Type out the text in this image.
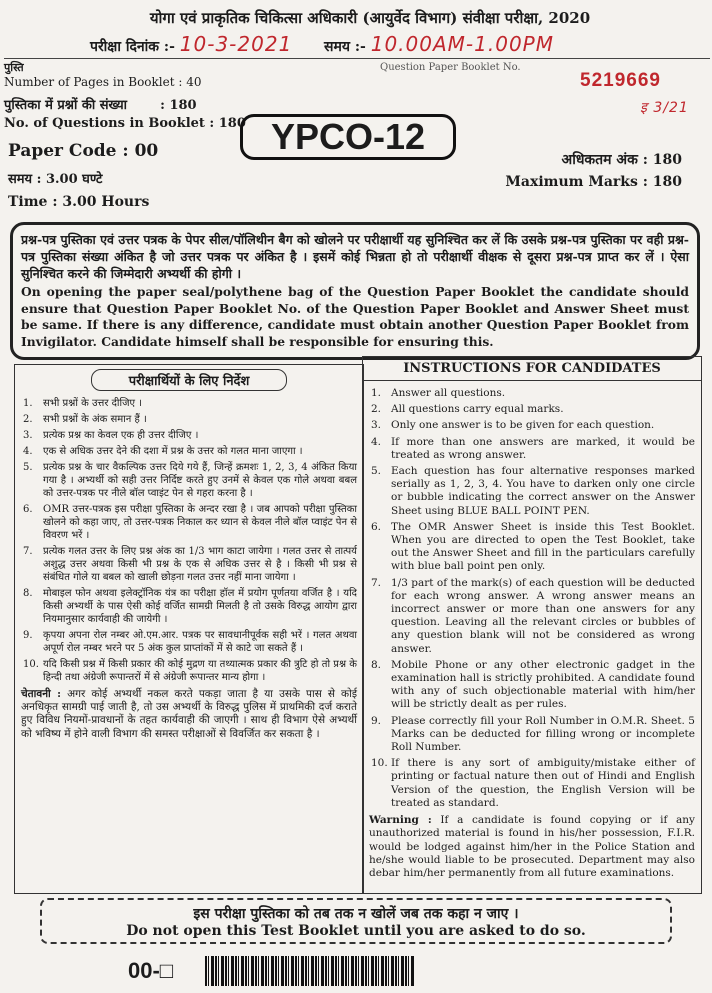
योगा एवं प्राकृतिक चिकित्सा अधिकारी (आयुर्वेद विभाग) संवीक्षा परीक्षा, 2020
परीक्षा दिनांक :- 10-3-2021 समय :- 10.00AM-1.00PM
पुस्ति
Number of Pages in Booklet : 40
Question Paper Booklet No.
5219669
इ 3/21
पुस्तिका में प्रश्नों की संख्या	: 180
No. of Questions in Booklet : 180
Paper Code : 00
समय : 3.00 घण्टे
Time : 3.00 Hours
YPCO-12
अधिकतम अंक : 180
Maximum Marks : 180
प्रश्न-पत्र पुस्तिका एवं उत्तर पत्रक के पेपर सील/पॉलिथीन बैग को खोलने पर परीक्षार्थी यह सुनिश्चित कर लें कि उसके प्रश्न-पत्र पुस्तिका पर वही प्रश्न-पत्र पुस्तिका संख्या अंकित है जो उत्तर पत्रक पर अंकित है । इसमें कोई भिन्नता हो तो परीक्षार्थी वीक्षक से दूसरा प्रश्न-पत्र प्राप्त कर लें । ऐसा सुनिश्चित करने की जिम्मेदारी अभ्यर्थी की होगी ।
On opening the paper seal/polythene bag of the Question Paper Booklet the candidate should ensure that Question Paper Booklet No. of the Question Paper Booklet and Answer Sheet must be same. If there is any difference, candidate must obtain another Question Paper Booklet from Invigilator. Candidate himself shall be responsible for ensuring this.
परीक्षार्थियों के लिए निर्देश
1. सभी प्रश्नों के उत्तर दीजिए ।
2. सभी प्रश्नों के अंक समान हैं ।
3. प्रत्येक प्रश्न का केवल एक ही उत्तर दीजिए ।
4. एक से अधिक उत्तर देने की दशा में प्रश्न के उत्तर को गलत माना जाएगा ।
5. प्रत्येक प्रश्न के चार वैकल्पिक उत्तर दिये गये हैं, जिन्हें क्रमशः 1, 2, 3, 4 अंकित किया गया है । अभ्यर्थी को सही उत्तर निर्दिष्ट करते हुए उनमें से केवल एक गोले अथवा बबल को उत्तर-पत्रक पर नीले बॉल प्वाइंट पेन से गहरा करना है ।
6. OMR उत्तर-पत्रक इस परीक्षा पुस्तिका के अन्दर रखा है । जब आपको परीक्षा पुस्तिका खोलने को कहा जाए, तो उत्तर-पत्रक निकाल कर ध्यान से केवल नीले बॉल प्वाइंट पेन से विवरण भरें ।
7. प्रत्येक गलत उत्तर के लिए प्रश्न अंक का 1/3 भाग काटा जायेगा । गलत उत्तर से तात्पर्य अशुद्ध उत्तर अथवा किसी भी प्रश्न के एक से अधिक उत्तर से है । किसी भी प्रश्न से संबंधित गोले या बबल को खाली छोड़ना गलत उत्तर नहीं माना जायेगा ।
8. मोबाइल फोन अथवा इलेक्ट्रॉनिक यंत्र का परीक्षा हॉल में प्रयोग पूर्णतया वर्जित है । यदि किसी अभ्यर्थी के पास ऐसी कोई वर्जित सामग्री मिलती है तो उसके विरुद्ध आयोग द्वारा नियमानुसार कार्यवाही की जायेगी ।
9. कृपया अपना रोल नम्बर ओ.एम.आर. पत्रक पर सावधानीपूर्वक सही भरें । गलत अथवा अपूर्ण रोल नम्बर भरने पर 5 अंक कुल प्राप्तांकों में से काटे जा सकते हैं ।
10. यदि किसी प्रश्न में किसी प्रकार की कोई मुद्रण या तथ्यात्मक प्रकार की त्रुटि हो तो प्रश्न के हिन्दी तथा अंग्रेजी रूपान्तरों में से अंग्रेजी रूपान्तर मान्य होगा ।
चेतावनी : अगर कोई अभ्यर्थी नकल करते पकड़ा जाता है या उसके पास से कोई अनधिकृत सामग्री पाई जाती है, तो उस अभ्यर्थी के विरुद्ध पुलिस में प्राथमिकी दर्ज कराते हुए विविध नियमों-प्रावधानों के तहत कार्यवाही की जाएगी । साथ ही विभाग ऐसे अभ्यर्थी को भविष्य में होने वाली विभाग की समस्त परीक्षाओं से विवर्जित कर सकता है ।
INSTRUCTIONS FOR CANDIDATES
1. Answer all questions.
2. All questions carry equal marks.
3. Only one answer is to be given for each question.
4. If more than one answers are marked, it would be treated as wrong answer.
5. Each question has four alternative responses marked serially as 1, 2, 3, 4. You have to darken only one circle or bubble indicating the correct answer on the Answer Sheet using BLUE BALL POINT PEN.
6. The OMR Answer Sheet is inside this Test Booklet. When you are directed to open the Test Booklet, take out the Answer Sheet and fill in the particulars carefully with blue ball point pen only.
7. 1/3 part of the mark(s) of each question will be deducted for each wrong answer. A wrong answer means an incorrect answer or more than one answers for any question. Leaving all the relevant circles or bubbles of any question blank will not be considered as wrong answer.
8. Mobile Phone or any other electronic gadget in the examination hall is strictly prohibited. A candidate found with any of such objectionable material with him/her will be strictly dealt as per rules.
9. Please correctly fill your Roll Number in O.M.R. Sheet. 5 Marks can be deducted for filling wrong or incomplete Roll Number.
10. If there is any sort of ambiguity/mistake either of printing or factual nature then out of Hindi and English Version of the question, the English Version will be treated as standard.
Warning : If a candidate is found copying or if any unauthorized material is found in his/her possession, F.I.R. would be lodged against him/her in the Police Station and he/she would liable to be prosecuted. Department may also debar him/her permanently from all future examinations.
इस परीक्षा पुस्तिका को तब तक न खोलें जब तक कहा न जाए ।
Do not open this Test Booklet until you are asked to do so.
00-□
